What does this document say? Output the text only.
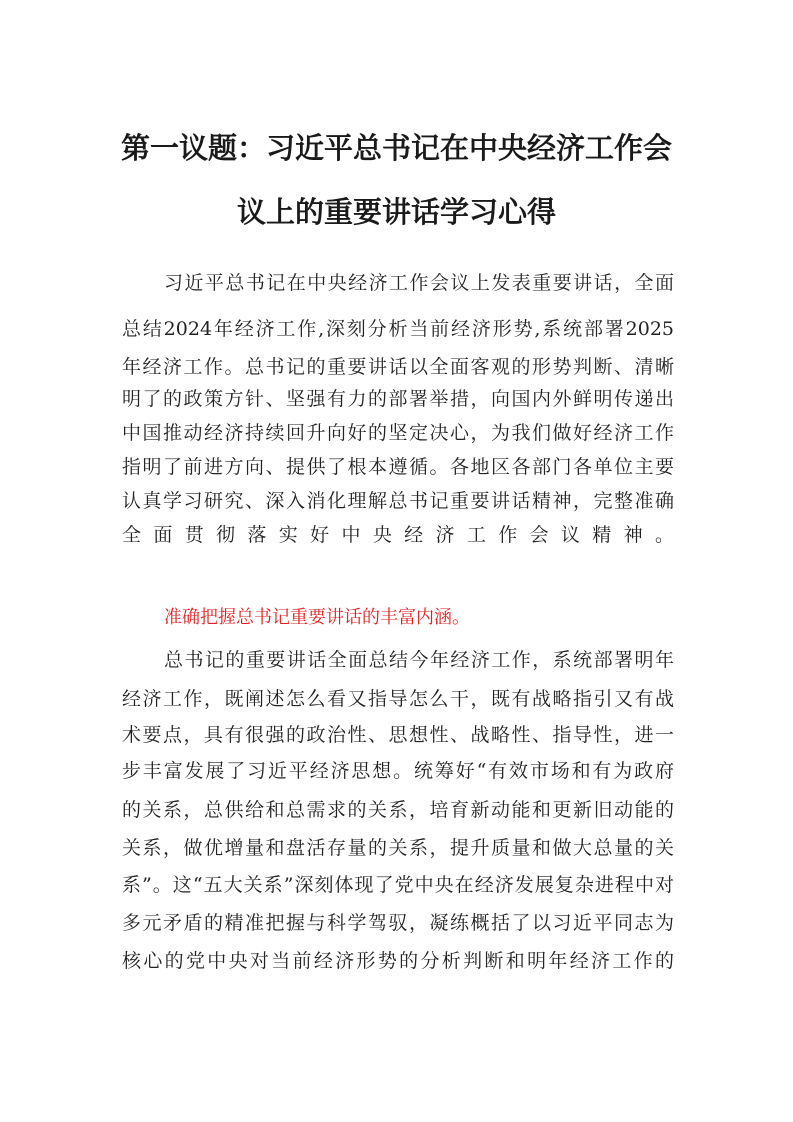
第一议题：习近平总书记在中央经济工作会
议上的重要讲话学习心得
习近平总书记在中央经济工作会议上发表重要讲话，全面
总结2024年经济工作,深刻分析当前经济形势,系统部署2025
年经济工作。总书记的重要讲话以全面客观的形势判断、清晰
明了的政策方针、坚强有力的部署举措，向国内外鲜明传递出
中国推动经济持续回升向好的坚定决心，为我们做好经济工作
指明了前进方向、提供了根本遵循。各地区各部门各单位主要
认真学习研究、深入消化理解总书记重要讲话精神，完整准确
全面贯彻落实好中央经济工作会议精神。
准确把握总书记重要讲话的丰富内涵。
总书记的重要讲话全面总结今年经济工作，系统部署明年
经济工作，既阐述怎么看又指导怎么干，既有战略指引又有战
术要点，具有很强的政治性、思想性、战略性、指导性，进一
步丰富发展了习近平经济思想。统筹好“有效市场和有为政府
的关系，总供给和总需求的关系，培育新动能和更新旧动能的
关系，做优增量和盘活存量的关系，提升质量和做大总量的关
系”。这“五大关系”深刻体现了党中央在经济发展复杂进程中对
多元矛盾的精准把握与科学驾驭，凝练概括了以习近平同志为
核心的党中央对当前经济形势的分析判断和明年经济工作的
